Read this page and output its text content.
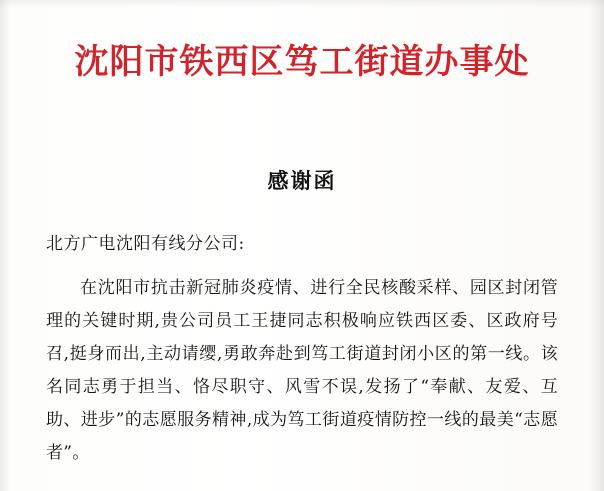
沈阳市铁西区笃工街道办事处
感谢函
北方广电沈阳有线分公司:

在沈阳市抗击新冠肺炎疫情、进行全民核酸采样、园区封闭管理的关键时期,贵公司员工王捷同志积极响应铁西区委、区政府号召,挺身而出,主动请缨,勇敢奔赴到笃工街道封闭小区的第一线。该名同志勇于担当、恪尽职守、风雪不误,发扬了“奉献、友爱、互助、进步”的志愿服务精神,成为笃工街道疫情防控一线的最美“志愿者”。
